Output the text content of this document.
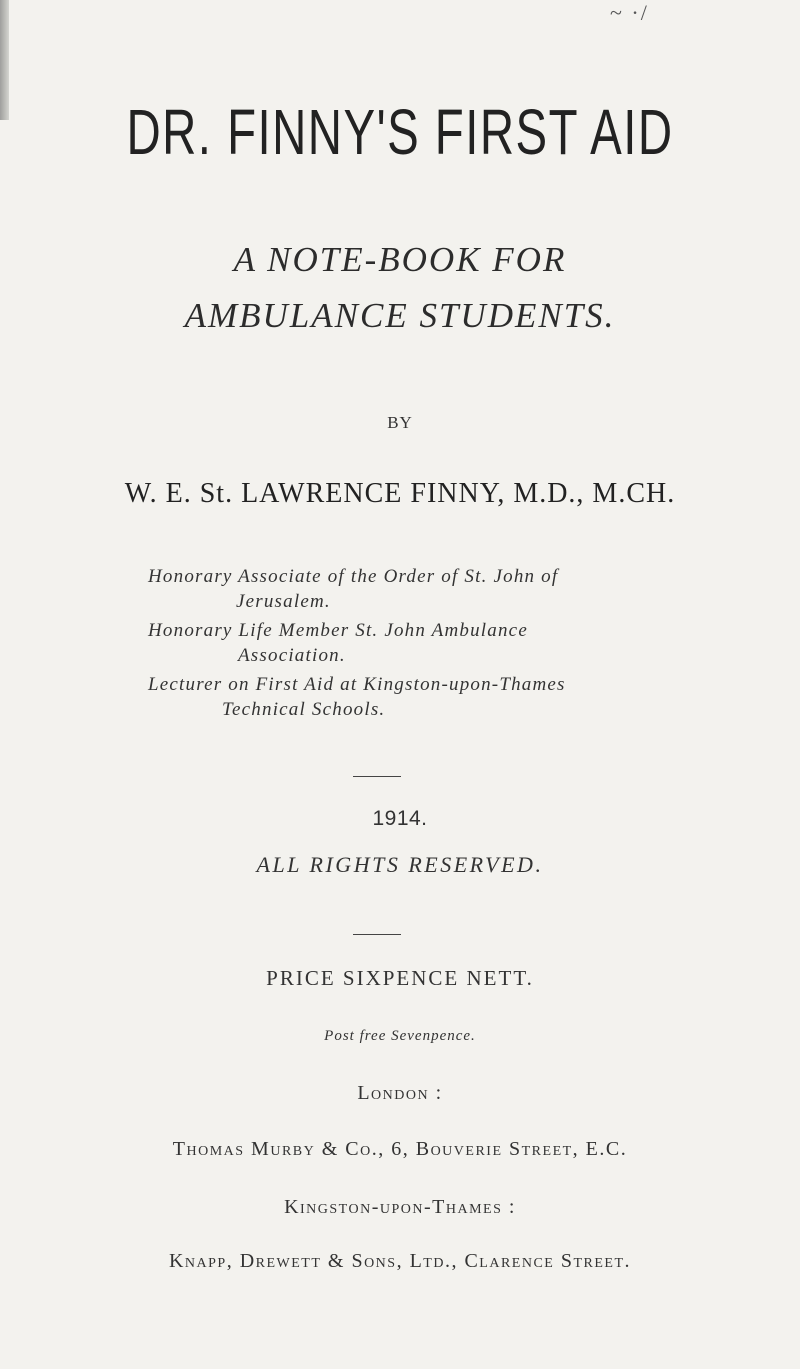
~ ·/
DR. FINNY'S FIRST AID
A NOTE-BOOK FOR
AMBULANCE STUDENTS.
BY
W. E. St. LAWRENCE FINNY, M.D., M.CH.
Honorary Associate of the Order of St. John of
Jerusalem.
Honorary Life Member St. John Ambulance
Association.
Lecturer on First Aid at Kingston-upon-Thames
Technical Schools.
1914.
ALL RIGHTS RESERVED.
PRICE SIXPENCE NETT.
Post free Sevenpence.
London :
Thomas Murby & Co., 6, Bouverie Street, E.C.
Kingston-upon-Thames :
Knapp, Drewett & Sons, Ltd., Clarence Street.
